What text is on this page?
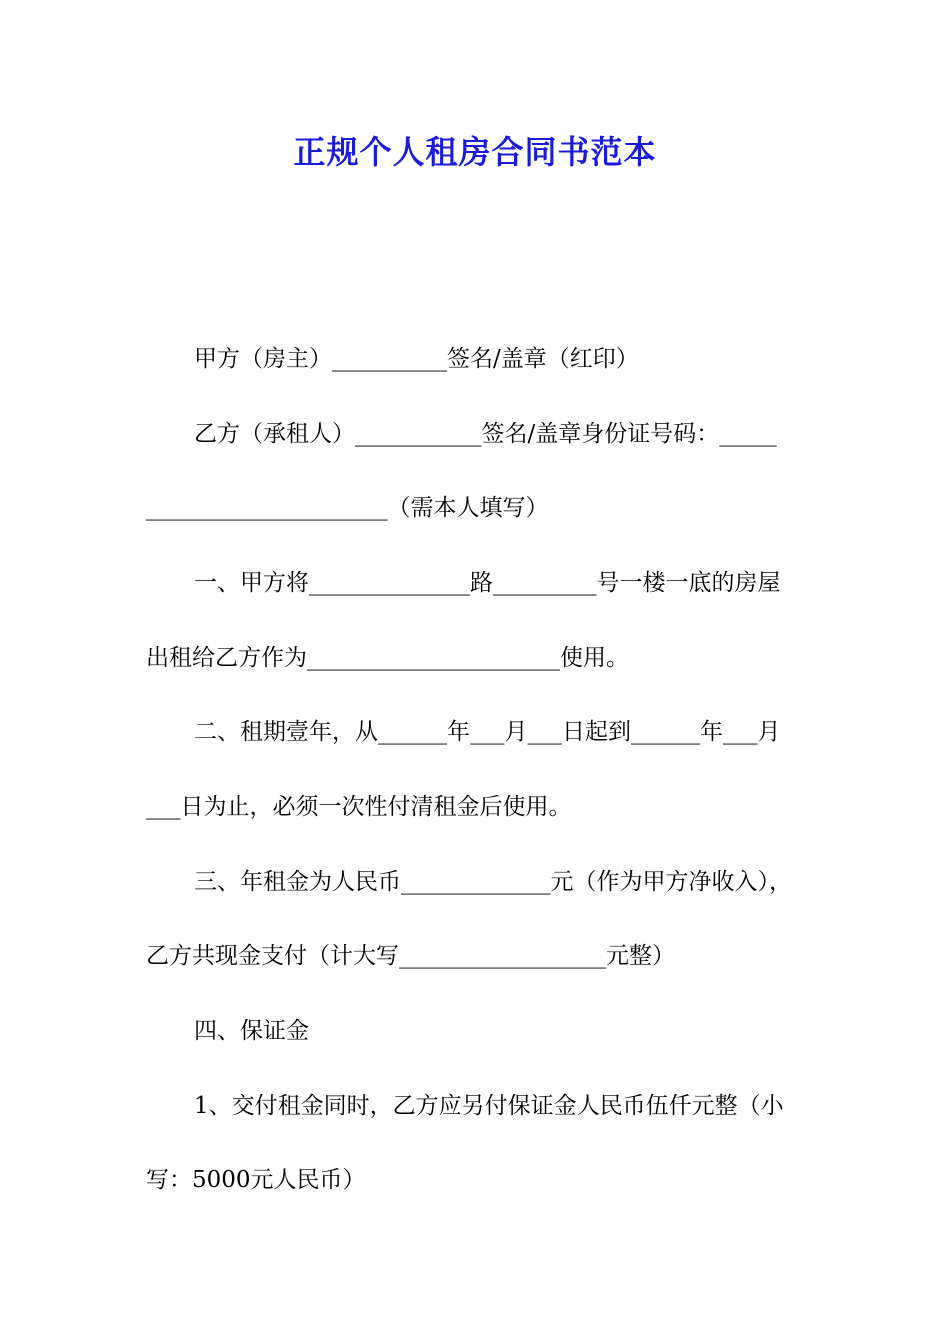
正规个人租房合同书范本
甲方（房主）__________签名/盖章（红印）
乙方（承租人）___________签名/盖章身份证号码：_____
_____________________（需本人填写）
一、甲方将______________路_________号一楼一底的房屋
出租给乙方作为______________________使用。
二、租期壹年，从______年___月___日起到______年___月
___日为止，必须一次性付清租金后使用。
三、年租金为人民币_____________元（作为甲方净收入），
乙方共现金支付（计大写__________________元整）
四、保证金
1、交付租金同时，乙方应另付保证金人民币伍仟元整（小
写：5000元人民币）
